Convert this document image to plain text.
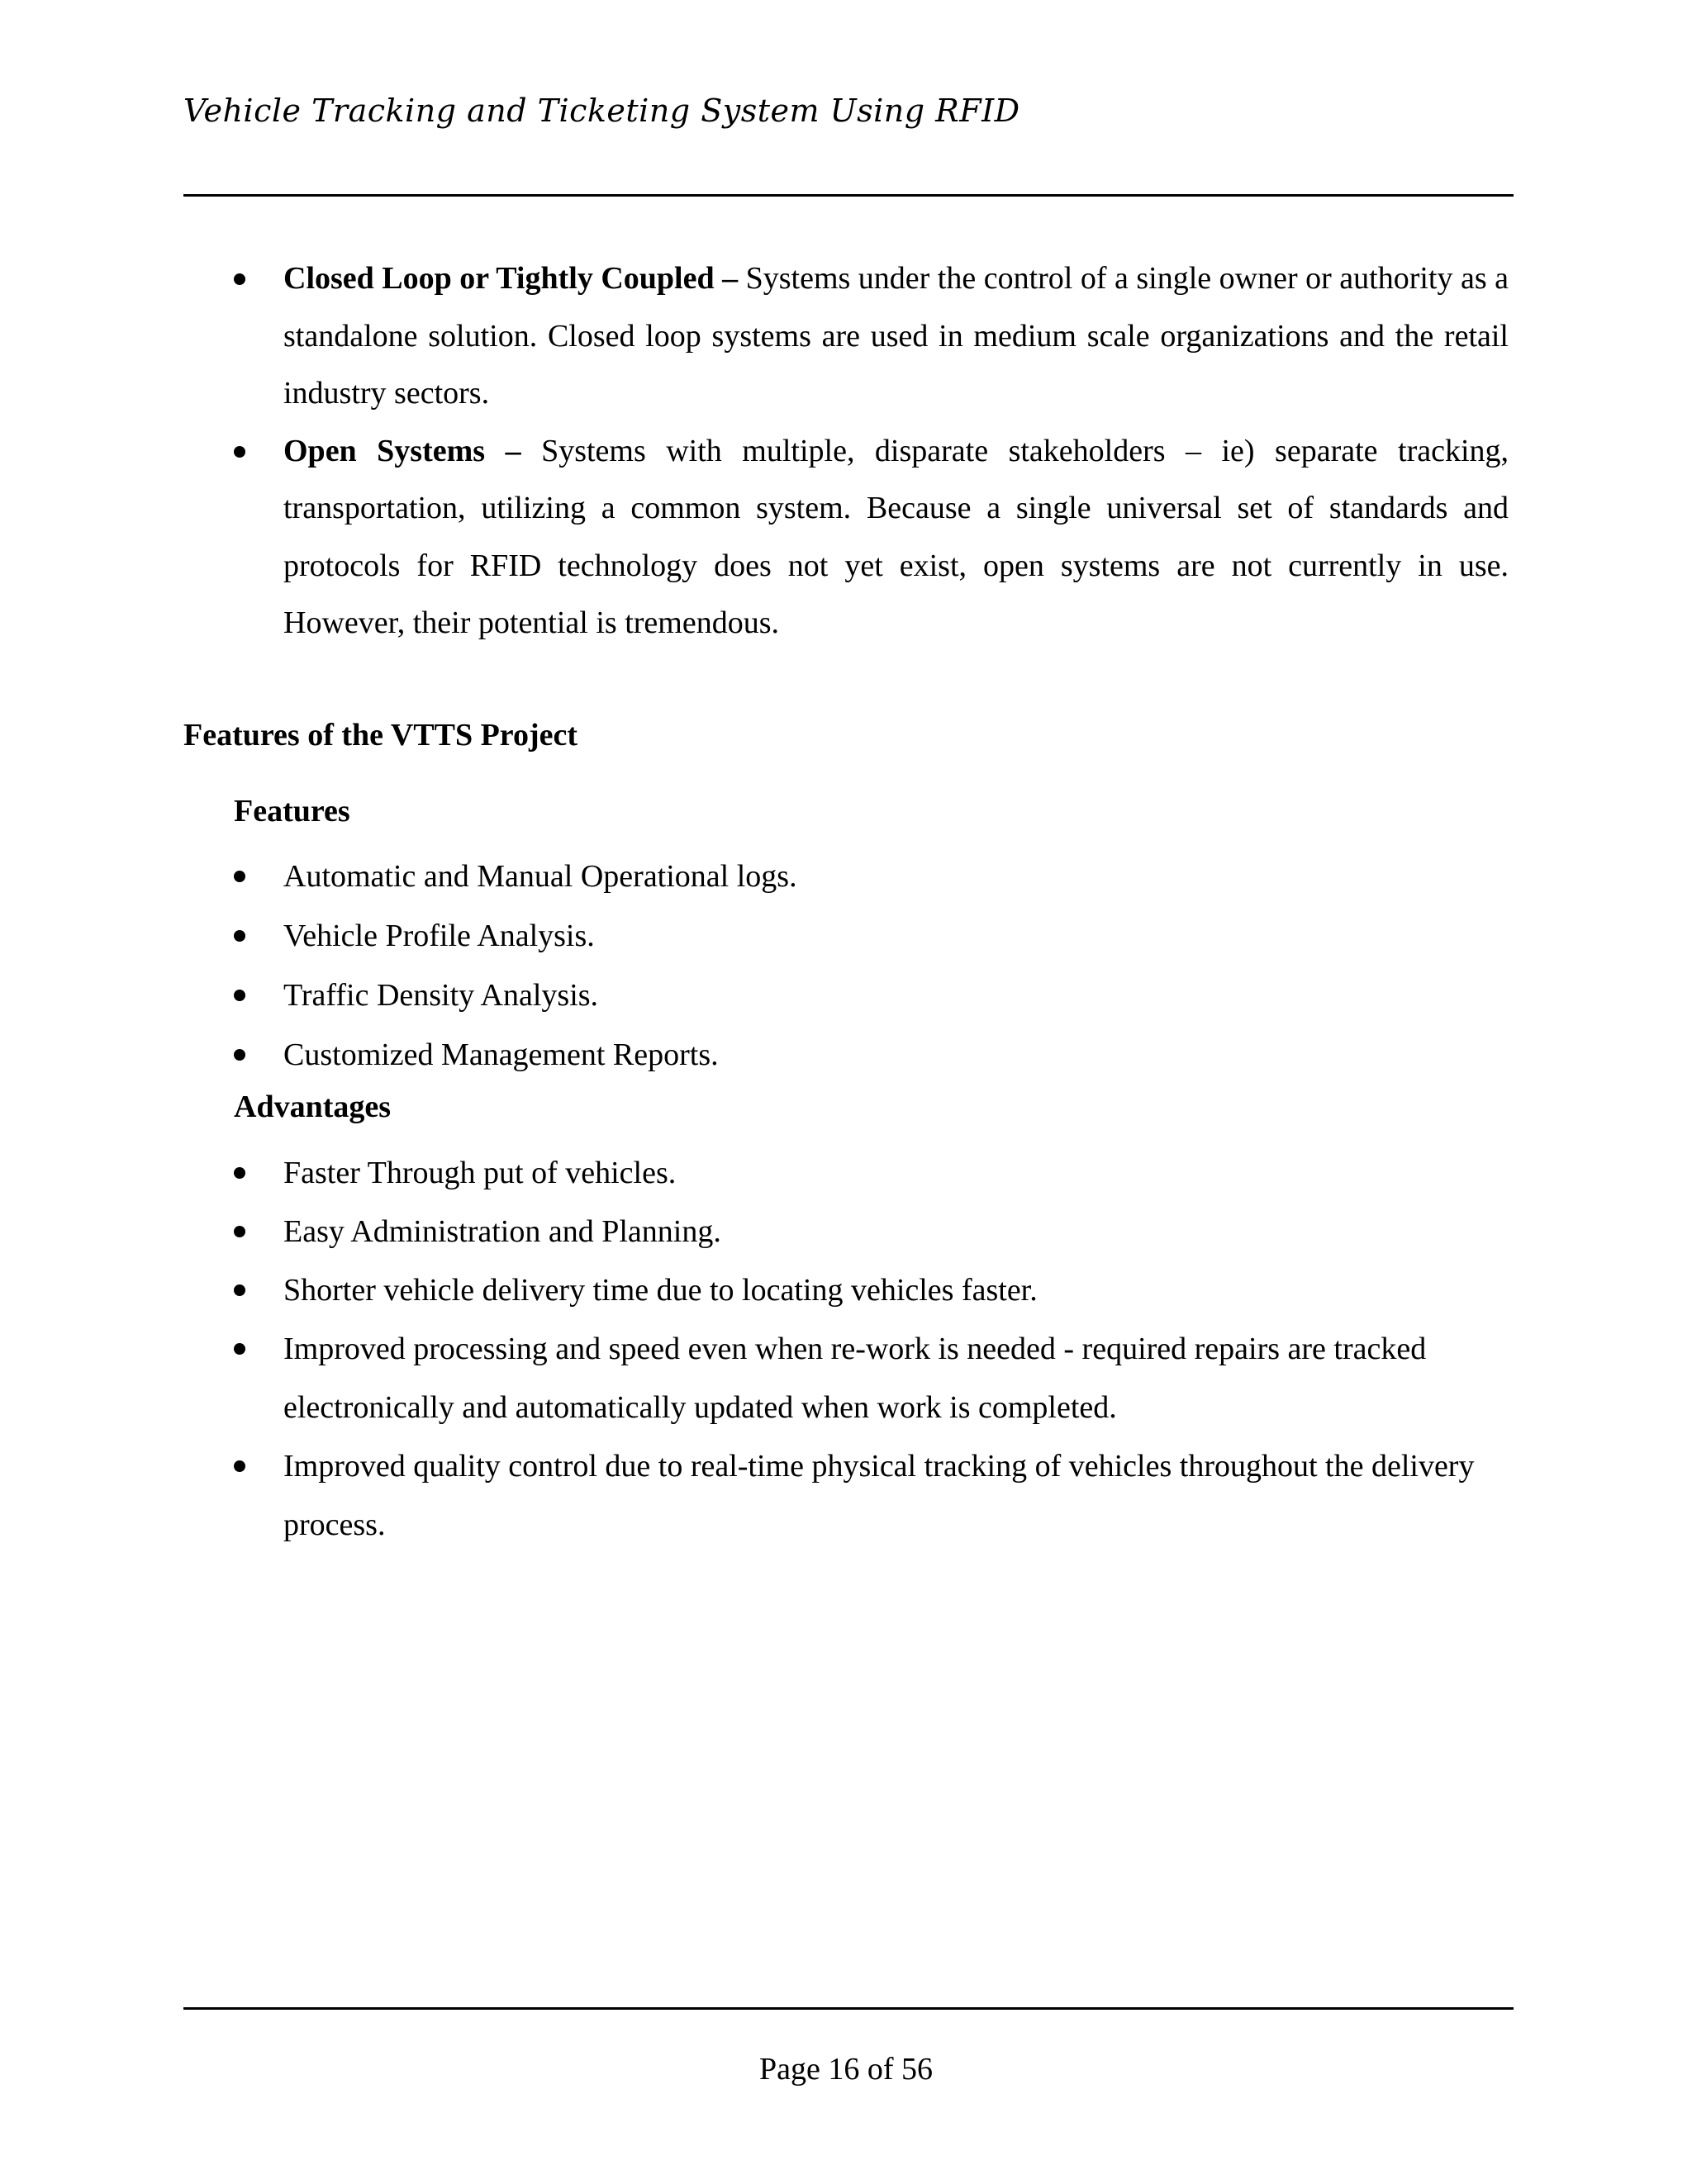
Vehicle Tracking and Ticketing System Using RFID
Closed Loop or Tightly Coupled – Systems under the control of a single owner or authority as a standalone solution. Closed loop systems are used in medium scale organizations and the retail industry sectors.
Open Systems – Systems with multiple, disparate stakeholders – ie) separate tracking, transportation, utilizing a common system. Because a single universal set of standards and protocols for RFID technology does not yet exist, open systems are not currently in use. However, their potential is tremendous.
Features of the VTTS Project
Features
Automatic and Manual Operational logs.
Vehicle Profile Analysis.
Traffic Density Analysis.
Customized Management Reports.
Advantages
Faster Through put of vehicles.
Easy Administration and Planning.
Shorter vehicle delivery time due to locating vehicles faster.
Improved processing and speed even when re-work is needed - required repairs are tracked electronically and automatically updated when work is completed.
Improved quality control due to real-time physical tracking of vehicles throughout the delivery process.
Page 16 of 56
